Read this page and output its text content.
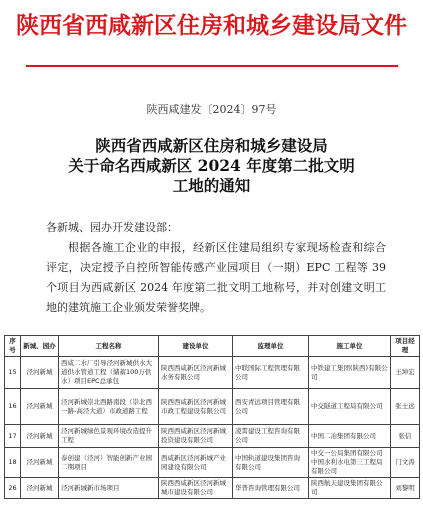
陕西省西咸新区住房和城乡建设局文件
陕西咸建发〔2024〕97号
陕西省西咸新区住房和城乡建设局
关于命名西咸新区 2024 年度第二批文明
工地的通知
各新城、园办开发建设部：
根据各施工企业的申报，经新区住建局组织专家现场检查和综合评定，决定授予自控所智能传感产业园项目（一期）EPC 工程等 39 个项目为西咸新区 2024 年度第二批文明工地称号，并对创建文明工地的建筑施工企业颁发荣誉奖牌。
序号	新城、园办	工程名称	建设单位	监理单位	施工单位	项目经理
15	泾河新城	西咸二水厂引导泾河新城供水大道供水管道工程（储蓄100万供水）项目EPC总承包	陕西西咸新区泾河新城水务有限公司	中联国际工程管理有限公司	中铁建工集团(陕西)有限公司	王坤宏
16	泾河新城	泾河新城崇北西路南段（崇北西一路-高泾大道）市政道路工程	陕西西咸新区泾河新城市政工程建设有限公司	西安青远项目管理有限公司	中交隧道工程局有限公司	张士远
17	泾河新城	泾河新城绿色景观环境改造提升工程	陕西西咸新区泾河新城投资建设有限公司	凌霄建设工程咨询有限公司	中国二冶集团有限公司	张信
18	泾河新城	泰创建（泾河）智能创新产业园二期项目	西咸新区泾河新城产业园建设有限公司	中国轨道建设集团咨询有限公司	中交一公局集团有限公司中国水利水电第三工程局有限公司	门文涛
26	泾河新城	泾河新城新市场项目	陕西西咸新区泾河新城城市建设有限公司	华普咨询管理有限公司	陕西航天建设集团有限公司	刘黎明
